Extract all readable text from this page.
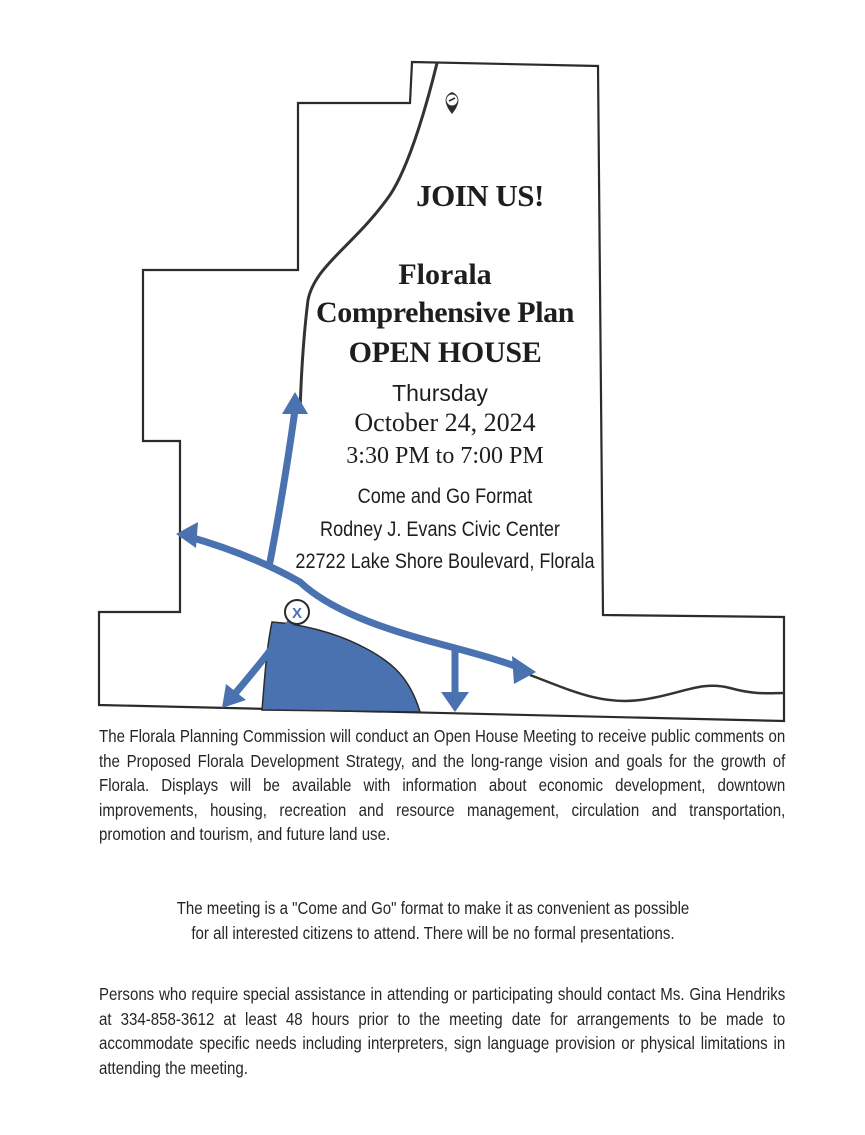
X
JOIN US!
Florala
Comprehensive Plan
OPEN HOUSE
Thursday
October 24, 2024
3:30 PM to 7:00 PM
Come and Go Format
Rodney J. Evans Civic Center
22722 Lake Shore Boulevard, Florala
The Florala Planning Commission will conduct an Open House Meeting to receive public comments on the Proposed Florala Development Strategy, and the long-range vision and goals for the growth of Florala. Displays will be available with information about economic development, downtown improvements, housing, recreation and resource management, circulation and transportation, promotion and tourism, and future land use.
The meeting is a "Come and Go" format to make it as convenient as possible
for all interested citizens to attend. There will be no formal presentations.
Persons who require special assistance in attending or participating should contact Ms. Gina Hendriks at 334-858-3612 at least 48 hours prior to the meeting date for arrangements to be made to accommodate specific needs including interpreters, sign language provision or physical limitations in attending the meeting.
